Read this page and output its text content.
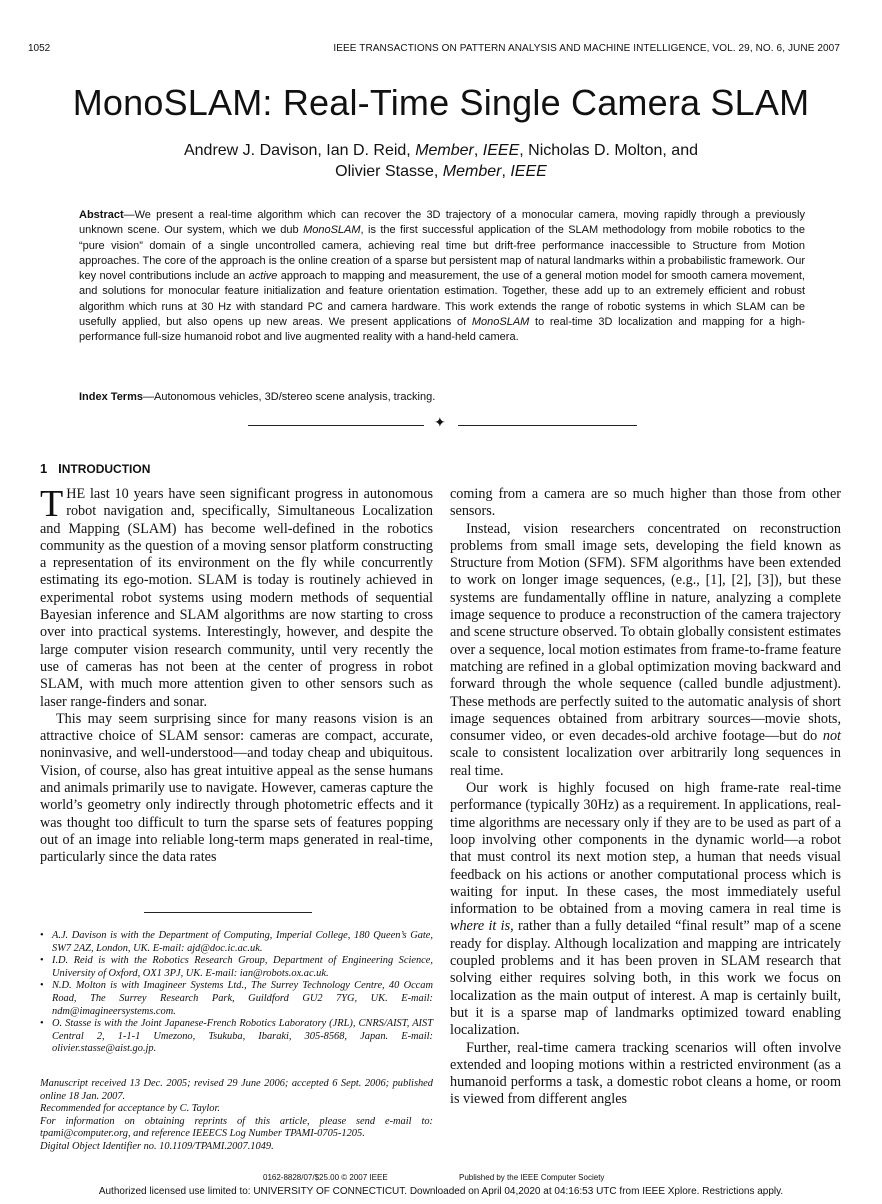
1052	IEEE TRANSACTIONS ON PATTERN ANALYSIS AND MACHINE INTELLIGENCE, VOL. 29, NO. 6, JUNE 2007
MonoSLAM: Real-Time Single Camera SLAM
Andrew J. Davison, Ian D. Reid, Member, IEEE, Nicholas D. Molton, and
Olivier Stasse, Member, IEEE
Abstract—We present a real-time algorithm which can recover the 3D trajectory of a monocular camera, moving rapidly through a previously unknown scene. Our system, which we dub MonoSLAM, is the first successful application of the SLAM methodology from mobile robotics to the “pure vision” domain of a single uncontrolled camera, achieving real time but drift-free performance inaccessible to Structure from Motion approaches. The core of the approach is the online creation of a sparse but persistent map of natural landmarks within a probabilistic framework. Our key novel contributions include an active approach to mapping and measurement, the use of a general motion model for smooth camera movement, and solutions for monocular feature initialization and feature orientation estimation. Together, these add up to an extremely efficient and robust algorithm which runs at 30 Hz with standard PC and camera hardware. This work extends the range of robotic systems in which SLAM can be usefully applied, but also opens up new areas. We present applications of MonoSLAM to real-time 3D localization and mapping for a high-performance full-size humanoid robot and live augmented reality with a hand-held camera.
Index Terms—Autonomous vehicles, 3D/stereo scene analysis, tracking.
✦
1 INTRODUCTION

THE last 10 years have seen significant progress in autonomous robot navigation and, specifically, Simultaneous Localization and Mapping (SLAM) has become well-defined in the robotics community as the question of a moving sensor platform constructing a representation of its environment on the fly while concurrently estimating its ego-motion. SLAM is today is routinely achieved in experimental robot systems using modern methods of sequential Bayesian inference and SLAM algorithms are now starting to cross over into practical systems. Interestingly, however, and despite the large computer vision research community, until very recently the use of cameras has not been at the center of progress in robot SLAM, with much more attention given to other sensors such as laser range-finders and sonar.

This may seem surprising since for many reasons vision is an attractive choice of SLAM sensor: cameras are compact, accurate, noninvasive, and well-understood—and today cheap and ubiquitous. Vision, of course, also has great intuitive appeal as the sense humans and animals primarily use to navigate. However, cameras capture the world’s geometry only indirectly through photometric effects and it was thought too difficult to turn the sparse sets of features popping out of an image into reliable long-term maps generated in real-time, particularly since the data rates

coming from a camera are so much higher than those from other sensors.

Instead, vision researchers concentrated on reconstruction problems from small image sets, developing the field known as Structure from Motion (SFM). SFM algorithms have been extended to work on longer image sequences, (e.g., [1], [2], [3]), but these systems are fundamentally offline in nature, analyzing a complete image sequence to produce a reconstruction of the camera trajectory and scene structure observed. To obtain globally consistent estimates over a sequence, local motion estimates from frame-to-frame feature matching are refined in a global optimization moving backward and forward through the whole sequence (called bundle adjustment). These methods are perfectly suited to the automatic analysis of short image sequences obtained from arbitrary sources—movie shots, consumer video, or even decades-old archive footage—but do not scale to consistent localization over arbitrarily long sequences in real time.

Our work is highly focused on high frame-rate real-time performance (typically 30Hz) as a requirement. In applications, real-time algorithms are necessary only if they are to be used as part of a loop involving other components in the dynamic world—a robot that must control its next motion step, a human that needs visual feedback on his actions or another computational process which is waiting for input. In these cases, the most immediately useful information to be obtained from a moving camera in real time is where it is, rather than a fully detailed “final result” map of a scene ready for display. Although localization and mapping are intricately coupled problems and it has been proven in SLAM research that solving either requires solving both, in this work we focus on localization as the main output of interest. A map is certainly built, but it is a sparse map of landmarks optimized toward enabling localization.

Further, real-time camera tracking scenarios will often involve extended and looping motions within a restricted environment (as a humanoid performs a task, a domestic robot cleans a home, or room is viewed from different angles

• A.J. Davison is with the Department of Computing, Imperial College, 180 Queen’s Gate, SW7 2AZ, London, UK. E-mail: ajd@doc.ic.ac.uk.
• I.D. Reid is with the Robotics Research Group, Department of Engineering Science, University of Oxford, OX1 3PJ, UK. E-mail: ian@robots.ox.ac.uk.
• N.D. Molton is with Imagineer Systems Ltd., The Surrey Technology Centre, 40 Occam Road, The Surrey Research Park, Guildford GU2 7YG, UK. E-mail: ndm@imagineersystems.com.
• O. Stasse is with the Joint Japanese-French Robotics Laboratory (JRL), CNRS/AIST, AIST Central 2, 1-1-1 Umezono, Tsukuba, Ibaraki, 305-8568, Japan. E-mail: olivier.stasse@aist.go.jp.

Manuscript received 13 Dec. 2005; revised 29 June 2006; accepted 6 Sept. 2006; published online 18 Jan. 2007.

Recommended for acceptance by C. Taylor.

For information on obtaining reprints of this article, please send e-mail to: tpami@computer.org, and reference IEEECS Log Number TPAMI-0705-1205.

Digital Object Identifier no. 10.1109/TPAMI.2007.1049.

0162-8828/07/$25.00 © 2007 IEEE	Published by the IEEE Computer Society
Authorized licensed use limited to: UNIVERSITY OF CONNECTICUT. Downloaded on April 04,2020 at 04:16:53 UTC from IEEE Xplore. Restrictions apply.
